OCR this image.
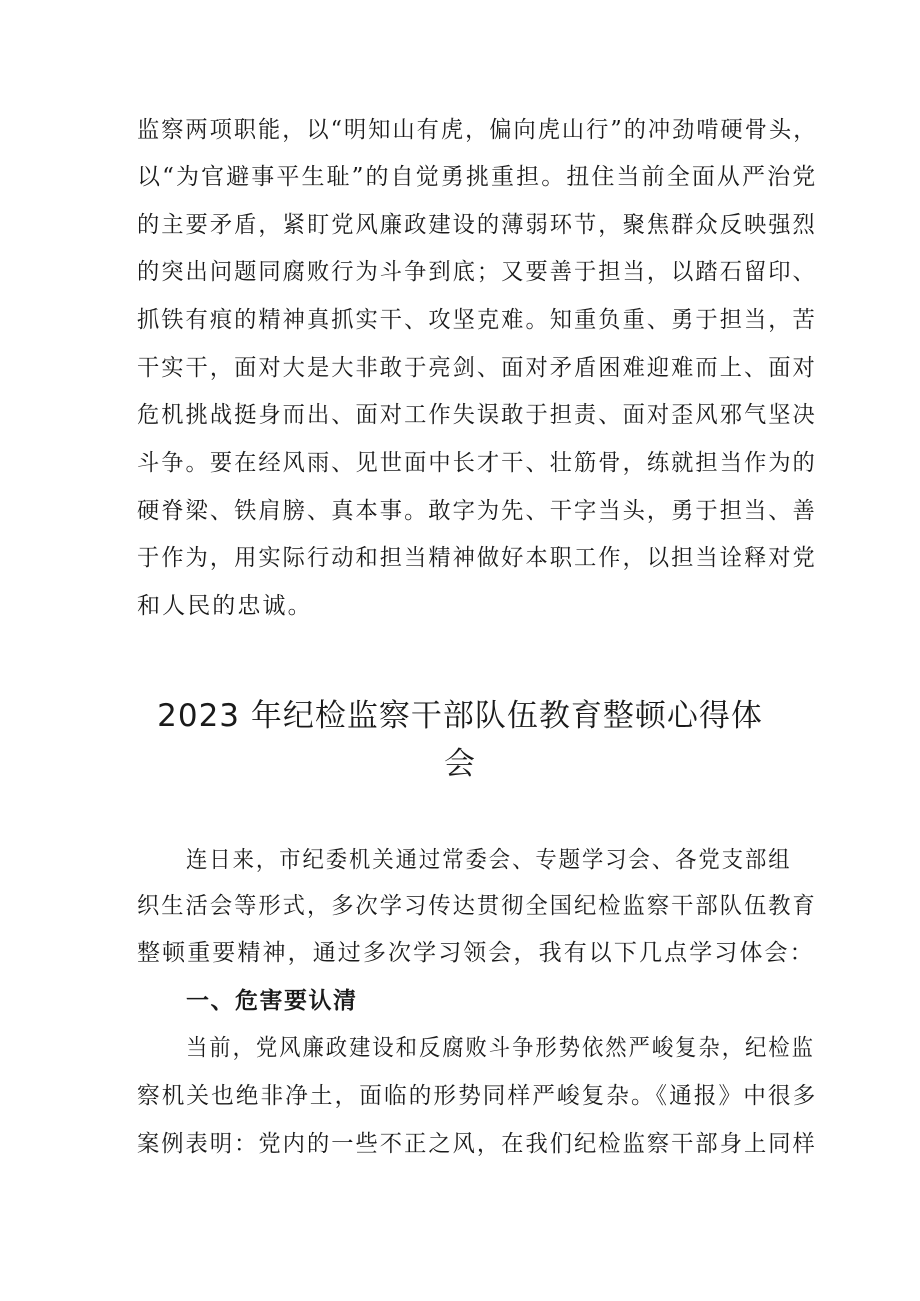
监察两项职能，以“明知山有虎，偏向虎山行”的冲劲啃硬骨头，
以“为官避事平生耻”的自觉勇挑重担。扭住当前全面从严治党
的主要矛盾，紧盯党风廉政建设的薄弱环节，聚焦群众反映强烈
的突出问题同腐败行为斗争到底；又要善于担当，以踏石留印、
抓铁有痕的精神真抓实干、攻坚克难。知重负重、勇于担当，苦
干实干，面对大是大非敢于亮剑、面对矛盾困难迎难而上、面对
危机挑战挺身而出、面对工作失误敢于担责、面对歪风邪气坚决
斗争。要在经风雨、见世面中长才干、壮筋骨，练就担当作为的
硬脊梁、铁肩膀、真本事。敢字为先、干字当头，勇于担当、善
于作为，用实际行动和担当精神做好本职工作，以担当诠释对党
和人民的忠诚。
2023 年纪检监察干部队伍教育整顿心得体
会
连日来，市纪委机关通过常委会、专题学习会、各党支部组
织生活会等形式，多次学习传达贯彻全国纪检监察干部队伍教育
整顿重要精神，通过多次学习领会，我有以下几点学习体会：
一、危害要认清
当前，党风廉政建设和反腐败斗争形势依然严峻复杂，纪检监
察机关也绝非净土，面临的形势同样严峻复杂。《通报》中很多
案例表明：党内的一些不正之风，在我们纪检监察干部身上同样
